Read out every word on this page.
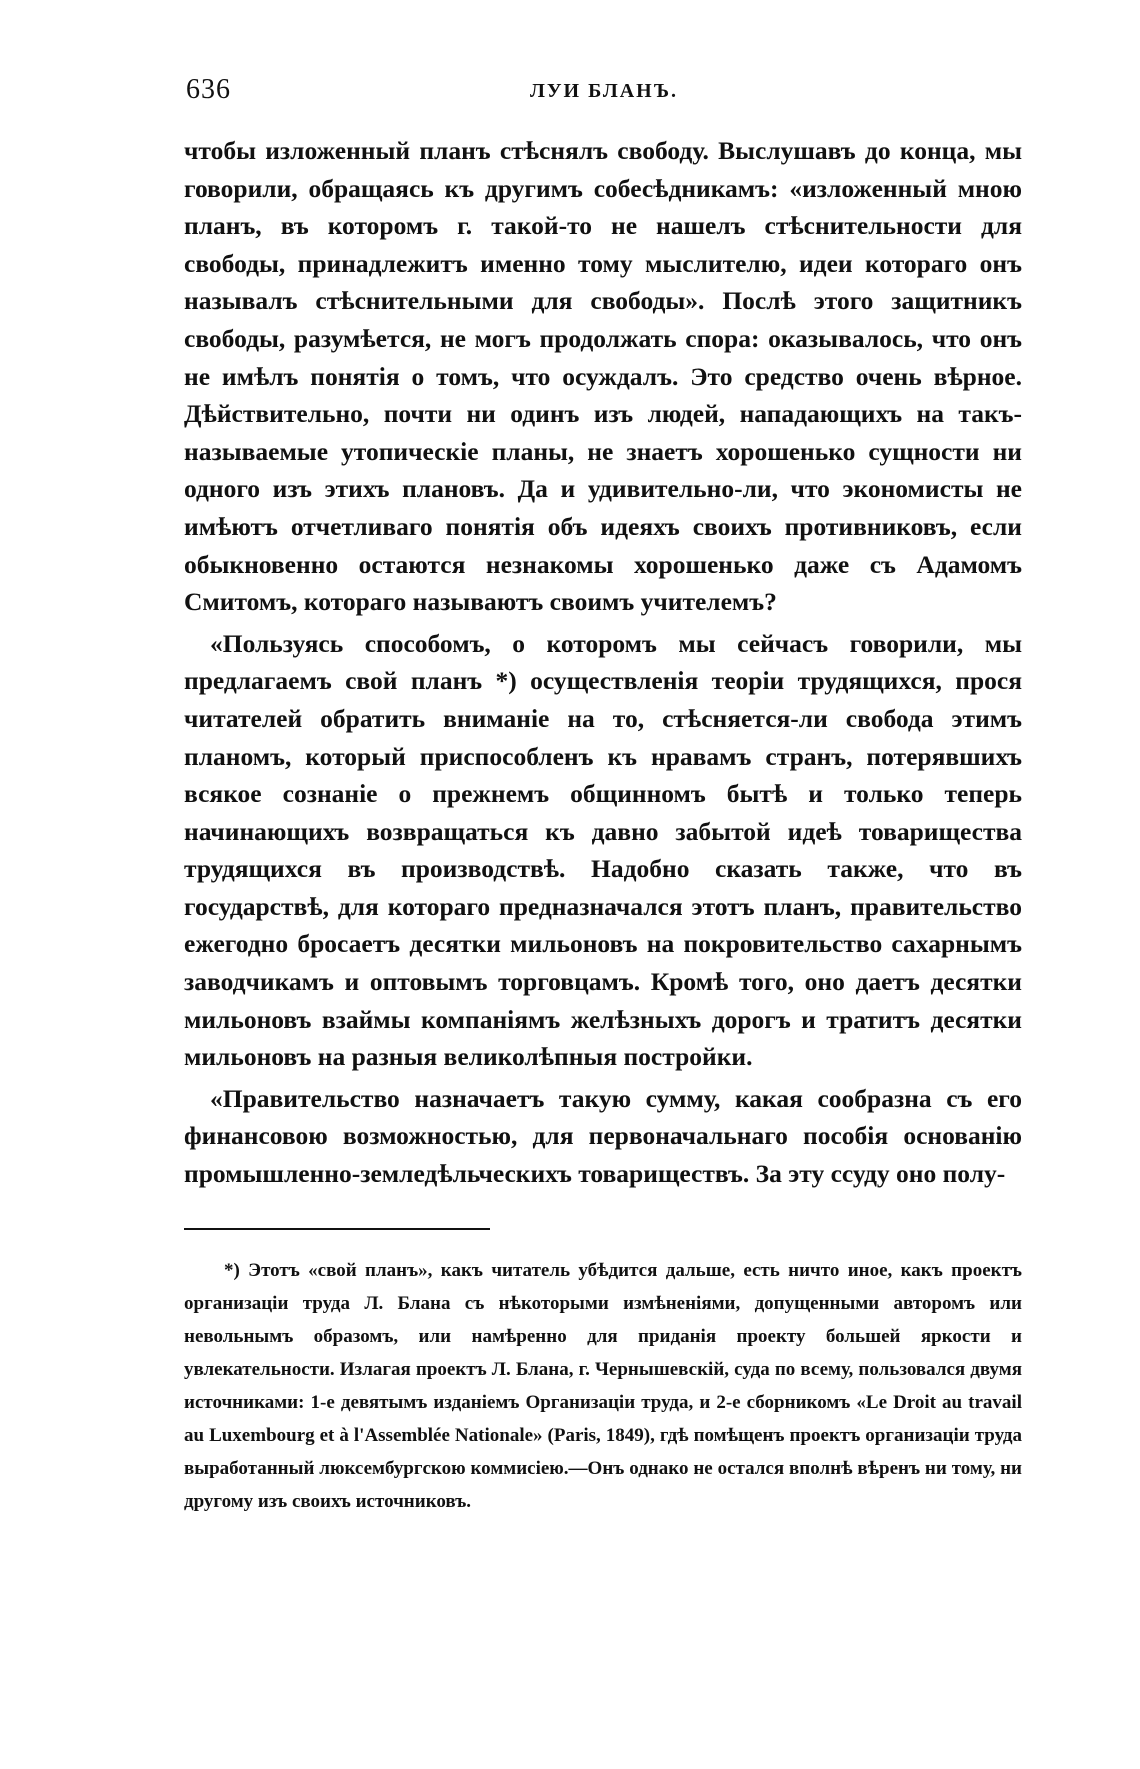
636	ЛУИ БЛАНЪ.

чтобы изложенный планъ стѣснялъ свободу. Выслушавъ до конца, мы говорили, обращаясь къ другимъ собесѣдникамъ: «изложенный мною планъ, въ которомъ г. такой-то не нашелъ стѣснительности для свободы, принадлежитъ именно тому мыслителю, идеи котораго онъ называлъ стѣснительными для свободы». Послѣ этого защитникъ свободы, разумѣется, не могъ продолжать спора: оказывалось, что онъ не имѣлъ понятія о томъ, что осуждалъ. Это средство очень вѣрное. Дѣйствительно, почти ни одинъ изъ людей, нападающихъ на такъ-называемые утопическіе планы, не знаетъ хорошенько сущности ни одного изъ этихъ плановъ. Да и удивительно-ли, что экономисты не имѣютъ отчетливаго понятія объ идеяхъ своихъ противниковъ, если обыкновенно остаются незнакомы хорошенько даже съ Адамомъ Смитомъ, котораго называютъ своимъ учителемъ?

«Пользуясь способомъ, о которомъ мы сейчасъ говорили, мы предлагаемъ свой планъ *) осуществленія теоріи трудящихся, прося читателей обратить вниманіе на то, стѣсняется-ли свобода этимъ планомъ, который приспособленъ къ нравамъ странъ, потерявшихъ всякое сознаніе о прежнемъ общинномъ бытѣ и только теперь начинающихъ возвращаться къ давно забытой идеѣ товарищества трудящихся въ производствѣ. Надобно сказать также, что въ государствѣ, для котораго предназначался этотъ планъ, правительство ежегодно бросаетъ десятки мильоновъ на покровительство сахарнымъ заводчикамъ и оптовымъ торговцамъ. Кромѣ того, оно даетъ десятки мильоновъ взаймы компаніямъ желѣзныхъ дорогъ и тратитъ десятки мильоновъ на разныя великолѣпныя постройки.

«Правительство назначаетъ такую сумму, какая сообразна съ его финансовою возможностью, для первоначальнаго пособія основанію промышленно-земледѣльческихъ товариществъ. За эту ссуду оно полу-

*) Этотъ «свой планъ», какъ читатель убѣдится дальше, есть ничто иное, какъ проектъ организаціи труда Л. Блана съ нѣкоторыми измѣненіями, допущенными авторомъ или невольнымъ образомъ, или намѣренно для приданія проекту большей яркости и увлекательности. Излагая проектъ Л. Блана, г. Чернышевскій, суда по всему, пользовался двумя источниками: 1-е девятымъ изданіемъ Организаціи труда, и 2-е сборникомъ «Le Droit au travail au Luxembourg et à l'Assemblée Nationale» (Paris, 1849), гдѣ помѣщенъ проектъ организаціи труда выработанный люксембургскою коммисіею.—Онъ однако не остался вполнѣ вѣренъ ни тому, ни другому изъ своихъ источниковъ.
